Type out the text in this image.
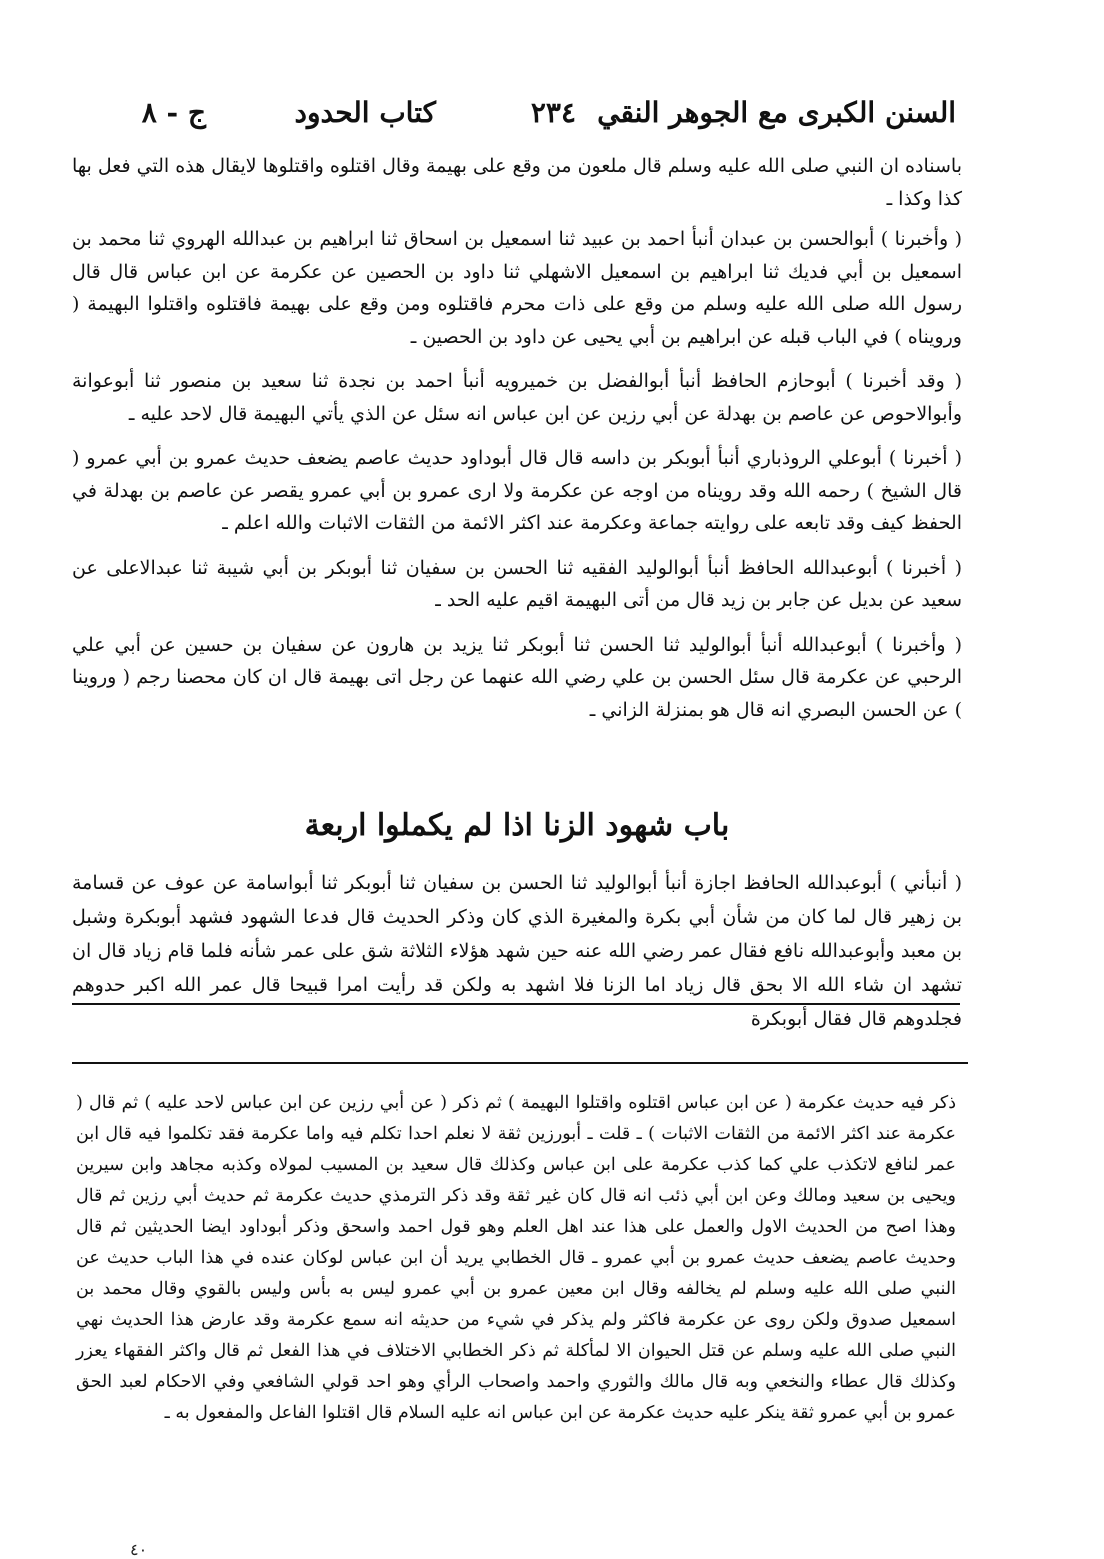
السنن الكبرى مع الجوهر النقي
٢٣٤
كتاب الحدود
ج - ٨

باسناده ان النبي صلى الله عليه وسلم قال ملعون من وقع على بهيمة وقال اقتلوه واقتلوها لايقال هذه التي فعل بها كذا وكذا ـ

( وأخبرنا ) أبوالحسن بن عبدان أنبأ احمد بن عبيد ثنا اسمعيل بن اسحاق ثنا ابراهيم بن عبدالله الهروي ثنا محمد بن اسمعيل بن أبي فديك ثنا ابراهيم بن اسمعيل الاشهلي ثنا داود بن الحصين عن عكرمة عن ابن عباس قال قال رسول الله صلى الله عليه وسلم من وقع على ذات محرم فاقتلوه ومن وقع على بهيمة فاقتلوه واقتلوا البهيمة ( ورويناه ) في الباب قبله عن ابراهيم بن أبي يحيى عن داود بن الحصين ـ

( وقد أخبرنا ) أبوحازم الحافظ أنبأ أبوالفضل بن خميرويه أنبأ احمد بن نجدة ثنا سعيد بن منصور ثنا أبوعوانة وأبوالاحوص عن عاصم بن بهدلة عن أبي رزين عن ابن عباس انه سئل عن الذي يأتي البهيمة قال لاحد عليه ـ

( أخبرنا ) أبوعلي الروذباري أنبأ أبوبكر بن داسه قال قال أبوداود حديث عاصم يضعف حديث عمرو بن أبي عمرو ( قال الشيخ ) رحمه الله وقد رويناه من اوجه عن عكرمة ولا ارى عمرو بن أبي عمرو يقصر عن عاصم بن بهدلة في الحفظ كيف وقد تابعه على روايته جماعة وعكرمة عند اكثر الائمة من الثقات الاثبات والله اعلم ـ

( أخبرنا ) أبوعبدالله الحافظ أنبأ أبوالوليد الفقيه ثنا الحسن بن سفيان ثنا أبوبكر بن أبي شيبة ثنا عبدالاعلى عن سعيد عن بديل عن جابر بن زيد قال من أتى البهيمة اقيم عليه الحد ـ

( وأخبرنا ) أبوعبدالله أنبأ أبوالوليد ثنا الحسن ثنا أبوبكر ثنا يزيد بن هارون عن سفيان بن حسين عن أبي علي الرحبي عن عكرمة قال سئل الحسن بن علي رضي الله عنهما عن رجل اتى بهيمة قال ان كان محصنا رجم ( وروينا ) عن الحسن البصري انه قال هو بمنزلة الزاني ـ

باب شهود الزنا اذا لم يكملوا اربعة

( أنبأني ) أبوعبدالله الحافظ اجازة أنبأ أبوالوليد ثنا الحسن بن سفيان ثنا أبوبكر ثنا أبواسامة عن عوف عن قسامة بن زهير قال لما كان من شأن أبي بكرة والمغيرة الذي كان وذكر الحديث قال فدعا الشهود فشهد أبوبكرة وشبل بن معبد وأبوعبدالله نافع فقال عمر رضي الله عنه حين شهد هؤلاء الثلاثة شق على عمر شأنه فلما قام زياد قال ان تشهد ان شاء الله الا بحق قال زياد اما الزنا فلا اشهد به ولكن قد رأيت امرا قبيحا قال عمر الله اكبر حدوهم فجلدوهم قال فقال أبوبكرة

ذكر فيه حديث عكرمة ( عن ابن عباس اقتلوه واقتلوا البهيمة ) ثم ذكر ( عن أبي رزين عن ابن عباس لاحد عليه ) ثم قال ( عكرمة عند اكثر الائمة من الثقات الاثبات ) ـ قلت ـ أبورزين ثقة لا نعلم احدا تكلم فيه واما عكرمة فقد تكلموا فيه قال ابن عمر لنافع لاتكذب علي كما كذب عكرمة على ابن عباس وكذلك قال سعيد بن المسيب لمولاه وكذبه مجاهد وابن سيرين ويحيى بن سعيد ومالك وعن ابن أبي ذئب انه قال كان غير ثقة وقد ذكر الترمذي حديث عكرمة ثم حديث أبي رزين ثم قال وهذا اصح من الحديث الاول والعمل على هذا عند اهل العلم وهو قول احمد واسحق وذكر أبوداود ايضا الحديثين ثم قال وحديث عاصم يضعف حديث عمرو بن أبي عمرو ـ قال الخطابي يريد أن ابن عباس لوكان عنده في هذا الباب حديث عن النبي صلى الله عليه وسلم لم يخالفه وقال ابن معين عمرو بن أبي عمرو ليس به بأس وليس بالقوي وقال محمد بن اسمعيل صدوق ولكن روى عن عكرمة فاكثر ولم يذكر في شيء من حديثه انه سمع عكرمة وقد عارض هذا الحديث نهي النبي صلى الله عليه وسلم عن قتل الحيوان الا لمأكلة ثم ذكر الخطابي الاختلاف في هذا الفعل ثم قال واكثر الفقهاء يعزر وكذلك قال عطاء والنخعي وبه قال مالك والثوري واحمد واصحاب الرأي وهو احد قولي الشافعي وفي الاحكام لعبد الحق عمرو بن أبي عمرو ثقة ينكر عليه حديث عكرمة عن ابن عباس انه عليه السلام قال اقتلوا الفاعل والمفعول به ـ

٤٠
